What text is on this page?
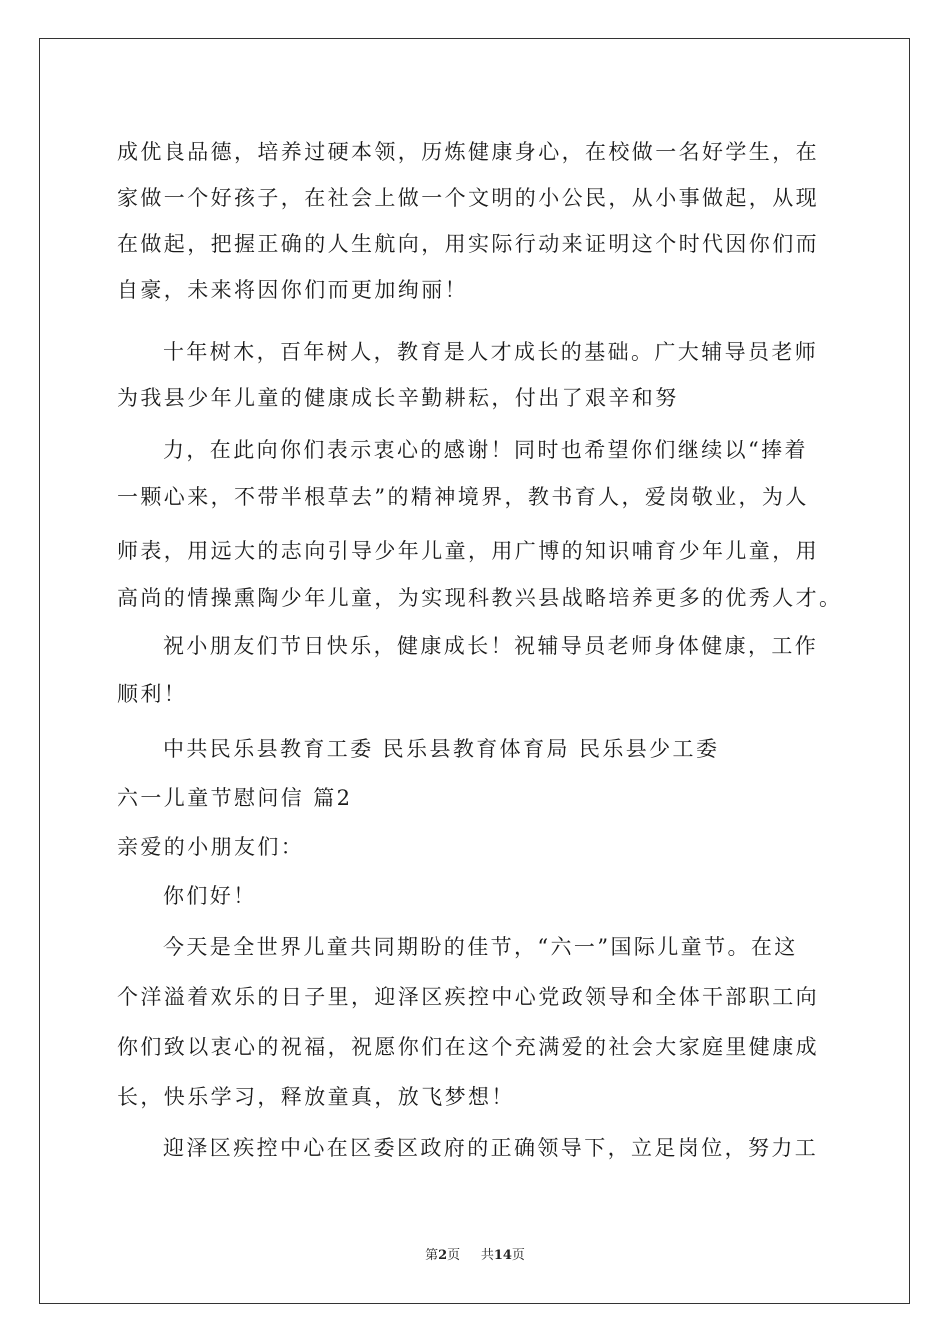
成优良品德，培养过硬本领，历炼健康身心，在校做一名好学生，在
家做一个好孩子，在社会上做一个文明的小公民，从小事做起，从现
在做起，把握正确的人生航向，用实际行动来证明这个时代因你们而
自豪，未来将因你们而更加绚丽！
十年树木，百年树人，教育是人才成长的基础。广大辅导员老师
为我县少年儿童的健康成长辛勤耕耘，付出了艰辛和努
力，在此向你们表示衷心的感谢！同时也希望你们继续以“捧着
一颗心来，不带半根草去”的精神境界，教书育人，爱岗敬业，为人
师表，用远大的志向引导少年儿童，用广博的知识哺育少年儿童，用
高尚的情操熏陶少年儿童，为实现科教兴县战略培养更多的优秀人才。
祝小朋友们节日快乐，健康成长！祝辅导员老师身体健康，工作
顺利！
中共民乐县教育工委 民乐县教育体育局 民乐县少工委
六一儿童节慰问信 篇2
亲爱的小朋友们：
你们好！
今天是全世界儿童共同期盼的佳节，“六一”国际儿童节。在这
个洋溢着欢乐的日子里，迎泽区疾控中心党政领导和全体干部职工向
你们致以衷心的祝福，祝愿你们在这个充满爱的社会大家庭里健康成
长，快乐学习，释放童真，放飞梦想！
迎泽区疾控中心在区委区政府的正确领导下，立足岗位，努力工
第2页 共14页
